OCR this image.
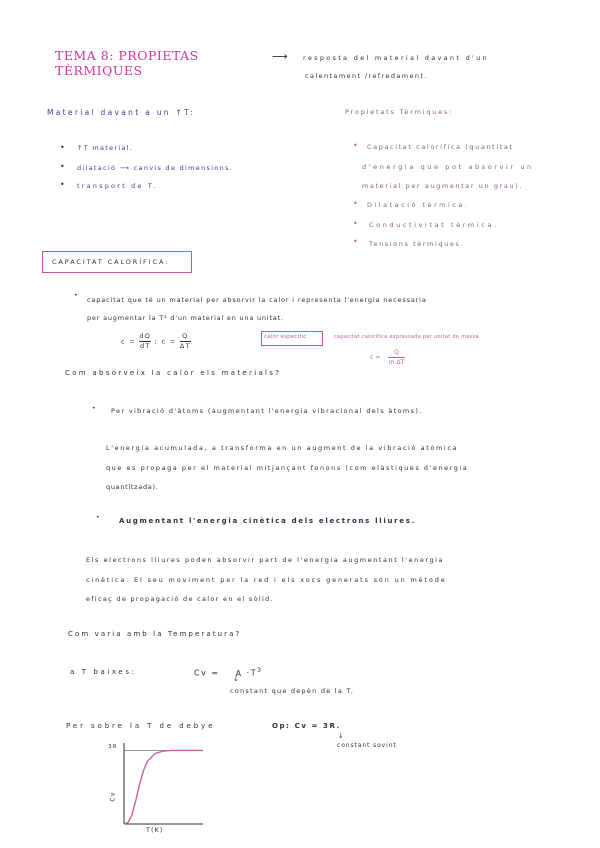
TEMA 8: PROPIETAS
TÈRMIQUES
⟶ resposta del material davant d'un
calentament /refredament.
Material davant a un ↑T:
• ↑T material.
• dilatació ⟶ canvis de dimensions.
• transport de T.
Propietats Tèrmiques:
• Capacitat calorífica (quantitat
d'energia que pot absorvir un
material per augmentar un grau).
• Dilatació tèrmica.
• Conductivitat tèrmica.
• Tensions tèrmiques.
CAPACITAT CALORÍFICA:
•
capacitat que té un material per absorvir la calor i representa l'energia necessaria
per augmentar la T² d'un material en una unitat.
$c = \frac{dQ}{dT}$ ; $c = \frac{Q}{\Delta T}$	calor específic	capacitat calorífica expressada per unitat de massa.
$c = \frac{Q}{\text{m ΔT}}$
Com absorveix la calor els materials?
• Per vibració d'àtoms (augmentant l'energia vibracional dels àtoms).
L'energia acumulada, a transforma en un augment de la vibració atòmica
que es propaga per el material mitjançant fonons (com elàstiques d'energia
quantitzada).
•	Augmentant l'energia cinètica dels electrons lliures.
Els electrons lliures poden absorvir part de l'energia augmentant l'energia
cinètica. El seu moviment per la red i els xocs generats són un mètode
eficaç de propagació de calor en el sòlid.
Com varia amb la Temperatura?
a T baixes:	$Cv = A \cdot T^3$
↓
constant que depèn de la T.
Per sobre la T de debye	Op: Cv = 3R.
↓
constant sovint
3R
Cv
T(K)
